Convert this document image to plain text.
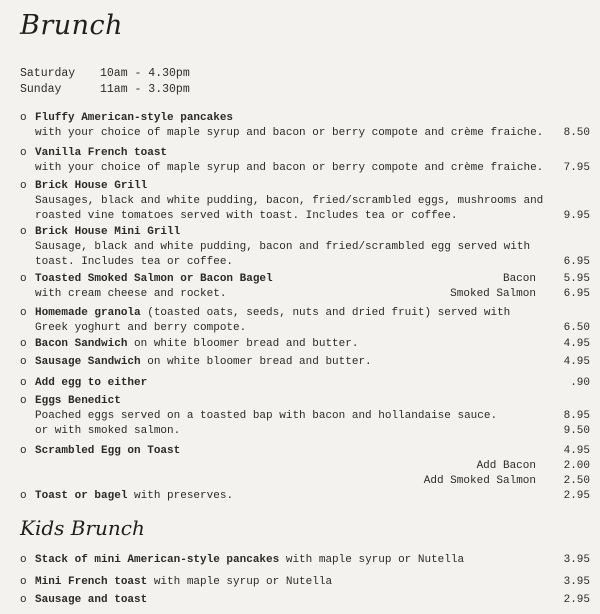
Brunch
Saturday	10am - 4.30pm
Sunday	11am - 3.30pm
o Fluffy American-style pancakes
with your choice of maple syrup and bacon or berry compote and crème fraiche. 8.50
o Vanilla French toast
with your choice of maple syrup and bacon or berry compote and crème fraiche. 7.95
o Brick House Grill
Sausages, black and white pudding, bacon, fried/scrambled eggs, mushrooms and
roasted vine tomatoes served with toast. Includes tea or coffee.	9.95
o Brick House Mini Grill
Sausage, black and white pudding, bacon and fried/scrambled egg served with
toast. Includes tea or coffee.	6.95
o Toasted Smoked Salmon or Bacon Bagel	Bacon	5.95
with cream cheese and rocket.	Smoked Salmon	6.95
o Homemade granola (toasted oats, seeds, nuts and dried fruit) served with
Greek yoghurt and berry compote.	6.50
o Bacon Sandwich on white bloomer bread and butter.	4.95
o Sausage Sandwich on white bloomer bread and butter.	4.95
o Add egg to either	.90
o Eggs Benedict
Poached eggs served on a toasted bap with bacon and hollandaise sauce.	8.95
or with smoked salmon.	9.50
o Scrambled Egg on Toast	4.95
Add Bacon	2.00
Add Smoked Salmon	2.50
o Toast or bagel with preserves.	2.95
o Stack of mini American-style pancakes with maple syrup or Nutella	3.95
o Mini French toast with maple syrup or Nutella	3.95
o Sausage and toast	2.95
Kids Brunch
